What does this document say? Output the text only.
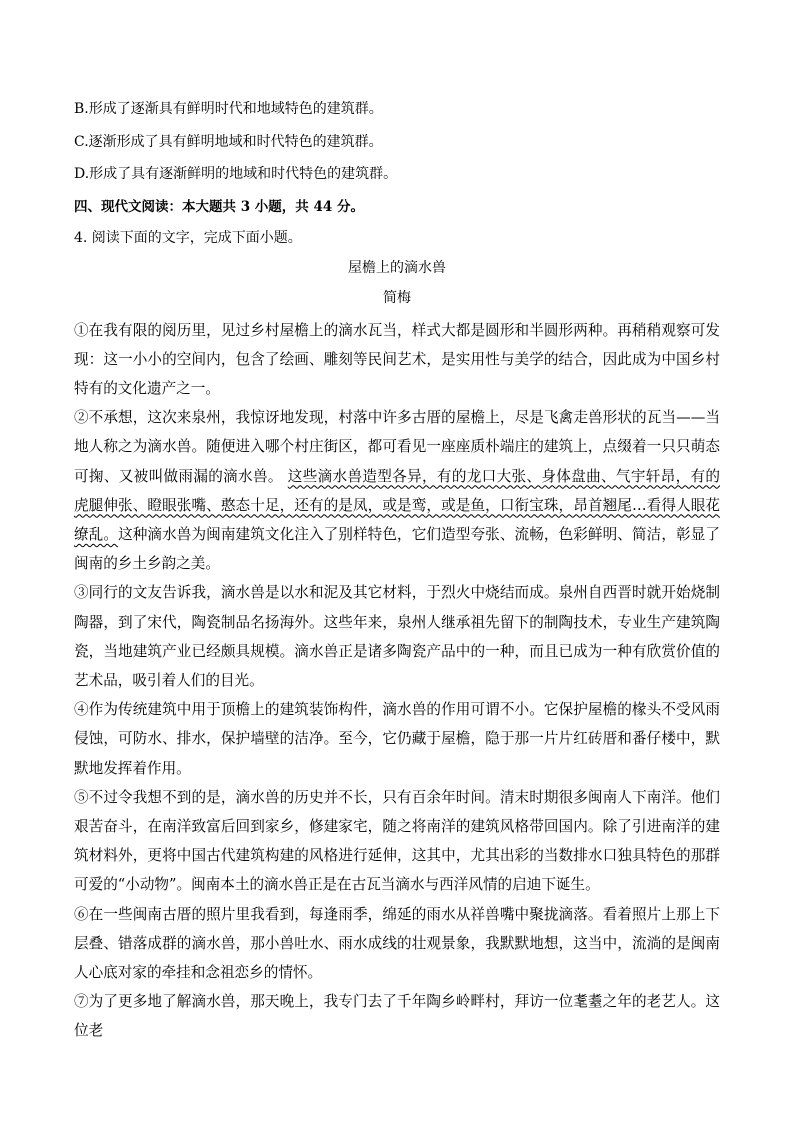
B.形成了逐渐具有鲜明时代和地域特色的建筑群。
C.逐渐形成了具有鲜明地域和时代特色的建筑群。
D.形成了具有逐渐鲜明的地域和时代特色的建筑群。
四、现代文阅读：本大题共 3 小题，共 44 分。
4. 阅读下面的文字，完成下面小题。
屋檐上的滴水兽
简梅
①在我有限的阅历里，见过乡村屋檐上的滴水瓦当，样式大都是圆形和半圆形两种。再稍稍观察可发现：这一小小的空间内，包含了绘画、雕刻等民间艺术，是实用性与美学的结合，因此成为中国乡村特有的文化遗产之一。
②不承想，这次来泉州，我惊讶地发现，村落中许多古厝的屋檐上，尽是飞禽走兽形状的瓦当——当地人称之为滴水兽。随便进入哪个村庄街区，都可看见一座座质朴端庄的建筑上，点缀着一只只萌态可掬、又被叫做雨漏的滴水兽。 这些滴水兽造型各异，有的龙口大张、身体盘曲、气宇轩昂，有的虎腿伸张、瞪眼张嘴、憨态十足，还有的是凤，或是鸾，或是鱼，口衔宝珠，昂首翘尾…看得人眼花缭乱。这种滴水兽为闽南建筑文化注入了别样特色，它们造型夸张、流畅，色彩鲜明、简洁，彰显了闽南的乡土乡韵之美。
③同行的文友告诉我，滴水兽是以水和泥及其它材料，于烈火中烧结而成。泉州自西晋时就开始烧制陶器，到了宋代，陶瓷制品名扬海外。这些年来，泉州人继承祖先留下的制陶技术，专业生产建筑陶瓷，当地建筑产业已经颇具规模。滴水兽正是诸多陶瓷产品中的一种，而且已成为一种有欣赏价值的艺术品，吸引着人们的目光。
④作为传统建筑中用于顶檐上的建筑装饰构件，滴水兽的作用可谓不小。它保护屋檐的椽头不受风雨侵蚀，可防水、排水，保护墙壁的洁净。至今，它仍藏于屋檐，隐于那一片片红砖厝和番仔楼中，默默地发挥着作用。
⑤不过令我想不到的是，滴水兽的历史并不长，只有百余年时间。清末时期很多闽南人下南洋。他们艰苦奋斗，在南洋致富后回到家乡，修建家宅，随之将南洋的建筑风格带回国内。除了引进南洋的建筑材料外，更将中国古代建筑构建的风格进行延伸，这其中，尤其出彩的当数排水口独具特色的那群可爱的“小动物”。闽南本土的滴水兽正是在古瓦当滴水与西洋风情的启迪下诞生。
⑥在一些闽南古厝的照片里我看到，每逢雨季，绵延的雨水从祥兽嘴中聚拢滴落。看着照片上那上下层叠、错落成群的滴水兽，那小兽吐水、雨水成线的壮观景象，我默默地想，这当中，流淌的是闽南人心底对家的牵挂和念祖恋乡的情怀。
⑦为了更多地了解滴水兽，那天晚上，我专门去了千年陶乡岭畔村，拜访一位耄耋之年的老艺人。这位老
